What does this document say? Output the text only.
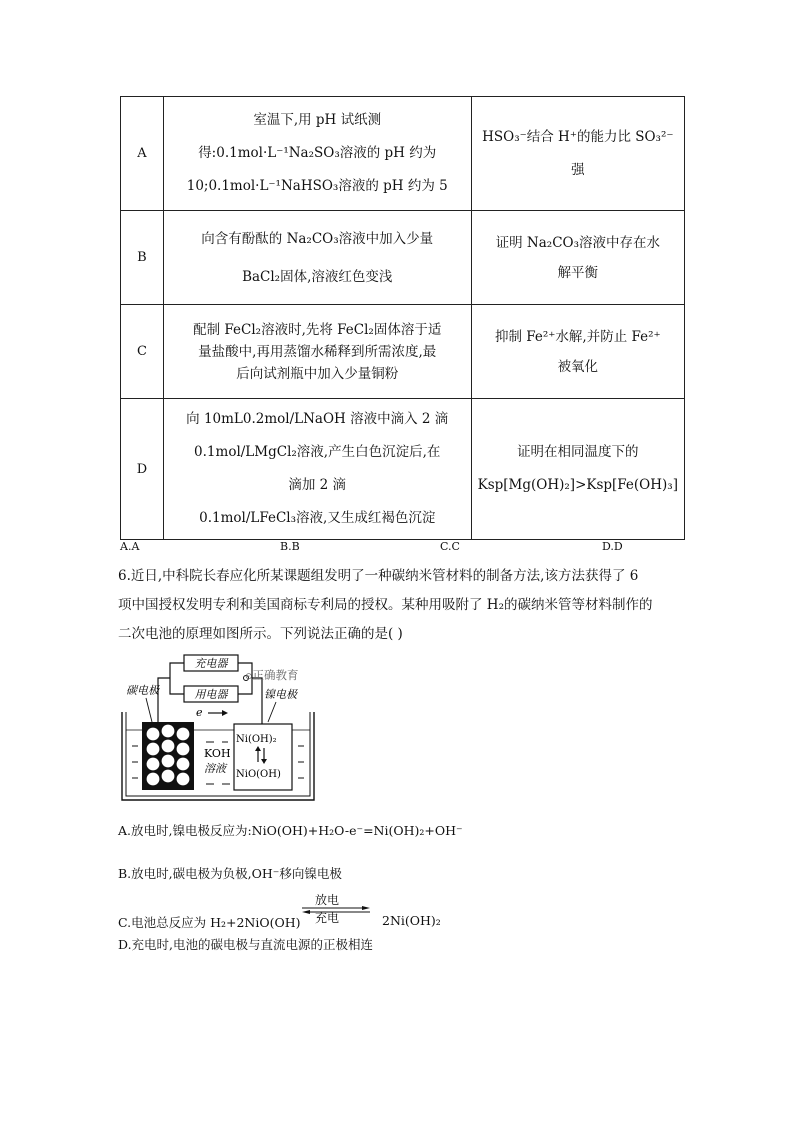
A	室温下,用 pH 试纸测
得:0.1mol·L⁻¹Na₂SO₃溶液的 pH 约为
10;0.1mol·L⁻¹NaHSO₃溶液的 pH 约为 5	HSO₃⁻结合 H⁺的能力比 SO₃²⁻
强

B	向含有酚酞的 Na₂CO₃溶液中加入少量
BaCl₂固体,溶液红色变浅	证明 Na₂CO₃溶液中存在水
解平衡

C	配制 FeCl₂溶液时,先将 FeCl₂固体溶于适
量盐酸中,再用蒸馏水稀释到所需浓度,最
后向试剂瓶中加入少量铜粉	抑制 Fe²⁺水解,并防止 Fe²⁺
被氧化

D	向 10mL0.2mol/LNaOH 溶液中滴入 2 滴
0.1mol/LMgCl₂溶液,产生白色沉淀后,在
滴加 2 滴
0.1mol/LFeCl₃溶液,又生成红褐色沉淀	证明在相同温度下的
Ksp[Mg(OH)₂]>Ksp[Fe(OH)₃]
A.A	B.B	C.C	D.D
6.近日,中科院长春应化所某课题组发明了一种碳纳米管材料的制备方法,该方法获得了 6
项中国授权发明专利和美国商标专利局的授权。某种用吸附了 H₂的碳纳米管等材料制作的
二次电池的原理如图所示。下列说法正确的是( )
充电器
用电器
碳电极	镍电极
e
KOH
溶液
Ni(OH)₂
NiO(OH)
⊙正确教育
A.放电时,镍电极反应为:NiO(OH)+H₂O-e⁻=Ni(OH)₂+OH⁻
B.放电时,碳电极为负极,OH⁻移向镍电极
C.电池总反应为 H₂+2NiO(OH)
放电
充电	2Ni(OH)₂
D.充电时,电池的碳电极与直流电源的正极相连
